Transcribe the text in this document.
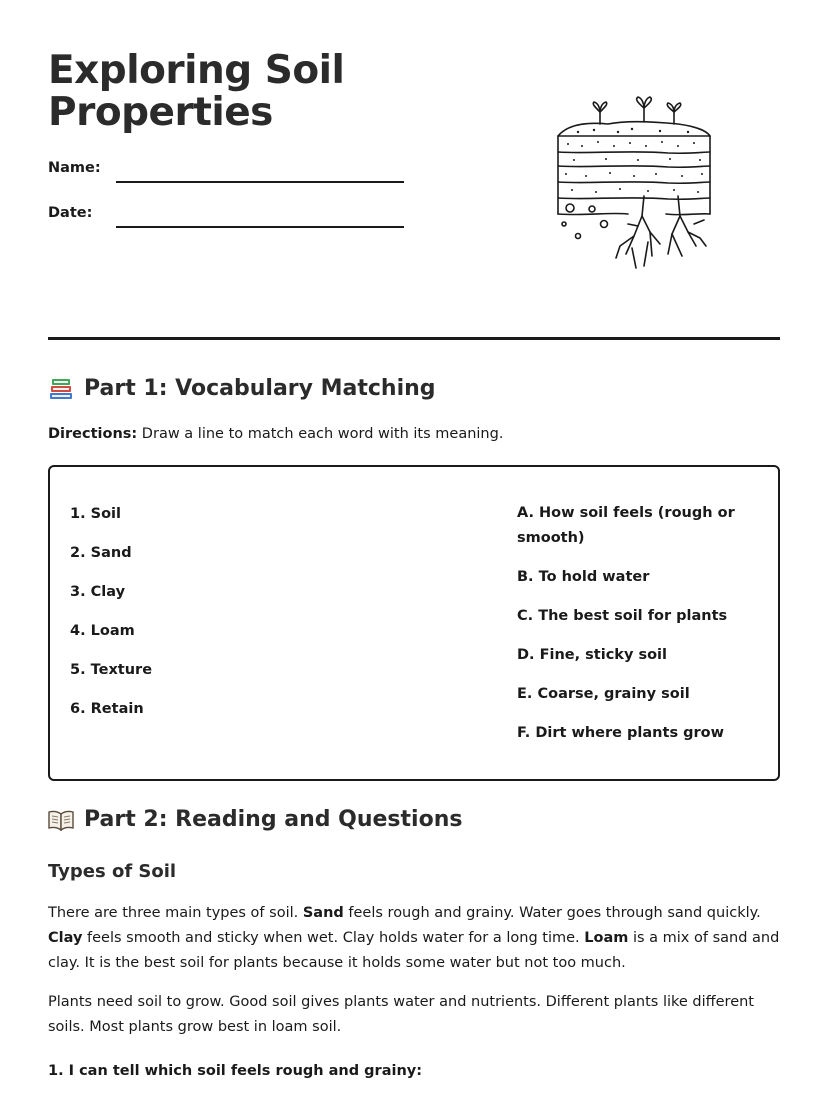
Exploring Soil Properties
Name:
Date:
Part 1: Vocabulary Matching
Directions: Draw a line to match each word with its meaning.
1. Soil
2. Sand
3. Clay
4. Loam
5. Texture
6. Retain
A. How soil feels (rough or smooth)
B. To hold water
C. The best soil for plants
D. Fine, sticky soil
E. Coarse, grainy soil
F. Dirt where plants grow
Part 2: Reading and Questions
Types of Soil

There are three main types of soil. Sand feels rough and grainy. Water goes through sand quickly. Clay feels smooth and sticky when wet. Clay holds water for a long time. Loam is a mix of sand and clay. It is the best soil for plants because it holds some water but not too much.

Plants need soil to grow. Good soil gives plants water and nutrients. Different plants like different soils. Most plants grow best in loam soil.

1. I can tell which soil feels rough and grainy:
